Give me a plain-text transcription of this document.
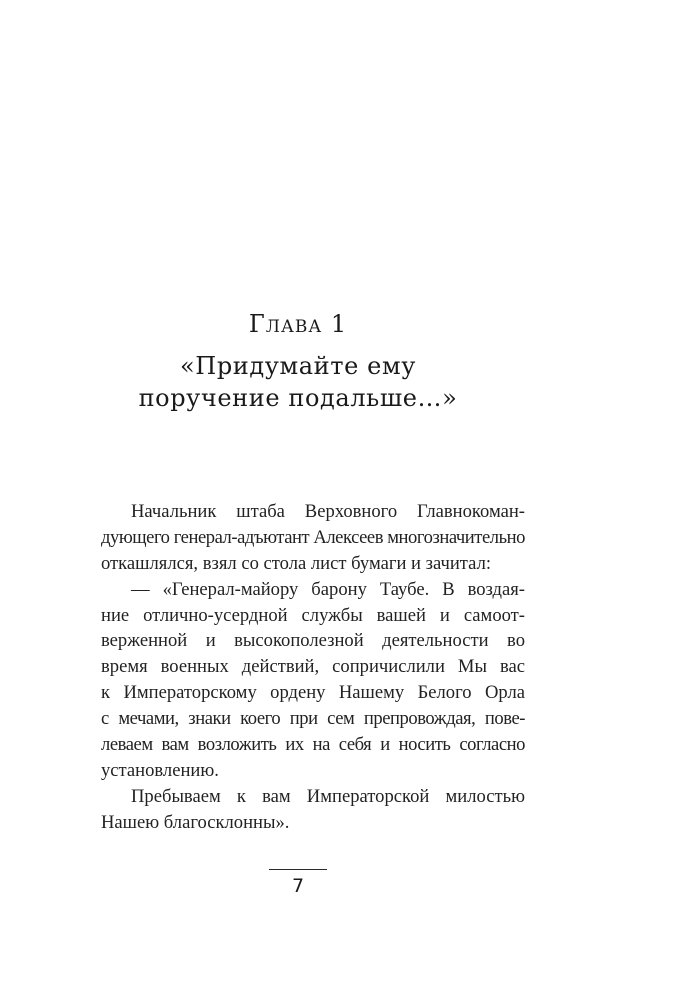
Глава 1
«Придумайте ему
поручение подальше…»
Начальник штаба Верховного Главнокоман-
дующего генерал-адъютант Алексеев многозначительно
откашлялся, взял со стола лист бумаги и зачитал:
— «Генерал-майору барону Таубе. В воздая-
ние отлично-усердной службы вашей и самоот-
верженной и высокополезной деятельности во
время военных действий, сопричислили Мы вас
к Императорскому ордену Нашему Белого Орла
с мечами, знаки коего при сем препровождая, пове-
леваем вам возложить их на себя и носить согласно
установлению.
Пребываем к вам Императорской милостью
Нашею благосклонны».
7
